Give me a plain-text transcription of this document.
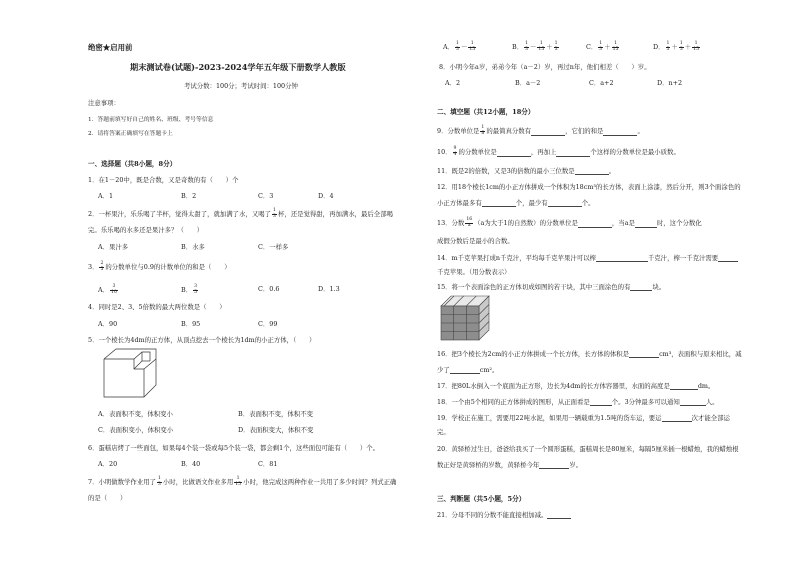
绝密★启用前
期末测试卷(试题)-2023-2024学年五年级下册数学人教版
考试分数：100分；考试时间：100分钟
注意事项：
1．答题前填写好自己的姓名、班级、考号等信息
2．请将答案正确填写在答题卡上
一、选择题（共8小题，8分）
1．在1－20中，既是合数，又是奇数的有（　　）个
A．1	B．2	C．3	D．4
2．一杯果汁，乐乐喝了半杯，觉得太甜了，就加满了水，又喝了 $\frac{1}{3}$ 杯，还是觉得甜，再加满水，最后全部喝
完。乐乐喝的水多还是果汁多？（　　）
A．果汁多	B．水多	C．一样多
3． $\frac{2}{5}$ 的分数单位与0.9的计数单位的和是（　　）
A． $\frac{3}{10}$	B． $\frac{3}{5}$	C．0.6	D．1.3
4．同时是2、3、5倍数的最大两位数是（　　）
A．90	B．95	C．99
5．一个棱长为4dm的正方体，从顶点挖去一个棱长为1dm的小正方体，（　　）
A．表面积不变，体积变小	B．表面积不变，体积不变
C．表面积变小，体积变小	D．表面积变大，体积不变
6．蛋糕店烤了一些面包，如果每4个装一袋或每5个装一袋，都会剩1个，这些面包可能有（　　）个。
A．20	B．40	C．81
7．小明做数学作业用了 $\frac{1}{3}$ 小时，比做语文作业多用 $\frac{1}{15}$ 小时，他完成这两种作业一共用了多少时间？列式正确
的是（　　）
A． $\frac{1}{3} - \frac{1}{15}$	B． $\frac{1}{3} - \frac{1}{15} + \frac{1}{3}$	C． $\frac{1}{3} + \frac{1}{15}$	D． $\frac{1}{3} + \frac{1}{3} + \frac{1}{15}$
8．小明今年a岁，弟弟今年（a－2）岁，再过n年，他们相差（　　）岁。
A．2	B．a－2	C．a+2	D．n+2
二、填空题（共12小题，18分）
9．分数单位是 $\frac{1}{8}$ 的最简真分数有	，它们的和是	。
10． $\frac{9}{4}$ 的分数单位是	，再加上	个这样的分数单位是最小质数。
11．既是2的倍数，又是3的倍数的最小三位数是	。
12．用18个棱长1cm的小正方体拼成一个体积为18cm³的长方体，表面上涂漆，然后分开，则3个面涂色的
小正方体最多有	个，最少有	个。
13．分数 $\frac{16}{a} (a$为大于1的自然数）的分数单位是	，当a是	时，这个分数化
成假分数后是最小的合数。
14．m千克苹果打成n千克汁，平均每千克苹果汁可以榨	千克汁，榨一千克汁需要
千克苹果。（用分数表示）
15．将一个表面涂色的正方体切成如图的若干块，其中三面涂色的有	块。
16．把3个棱长为2cm的小正方体拼成一个长方体，长方体的体积是	cm³，表面积与原来相比，减
少了	cm²。
17．把80L水倒入一个底面为正方形，边长为4dm的长方体容器里，水面的高度是	dm。
18．一个由5个相同的正方体拼成的图形，从正面看是	个。3分钟最多可以通知	人。
19．学校正在施工，需要用22吨水泥，如果用一辆载重为1.5吨的货车运，要运	次才能全部运
完。
20．黄驿桥过生日，爸爸给我买了一个圆形蛋糕，蛋糕周长是80厘米，每隔5厘米插一根蜡烛，我的蜡烛根
数正好是黄驿桥的岁数，黄驿桥今年	岁。
三、判断题（共5小题，5分）
21．分母不同的分数不能直接相加减。
